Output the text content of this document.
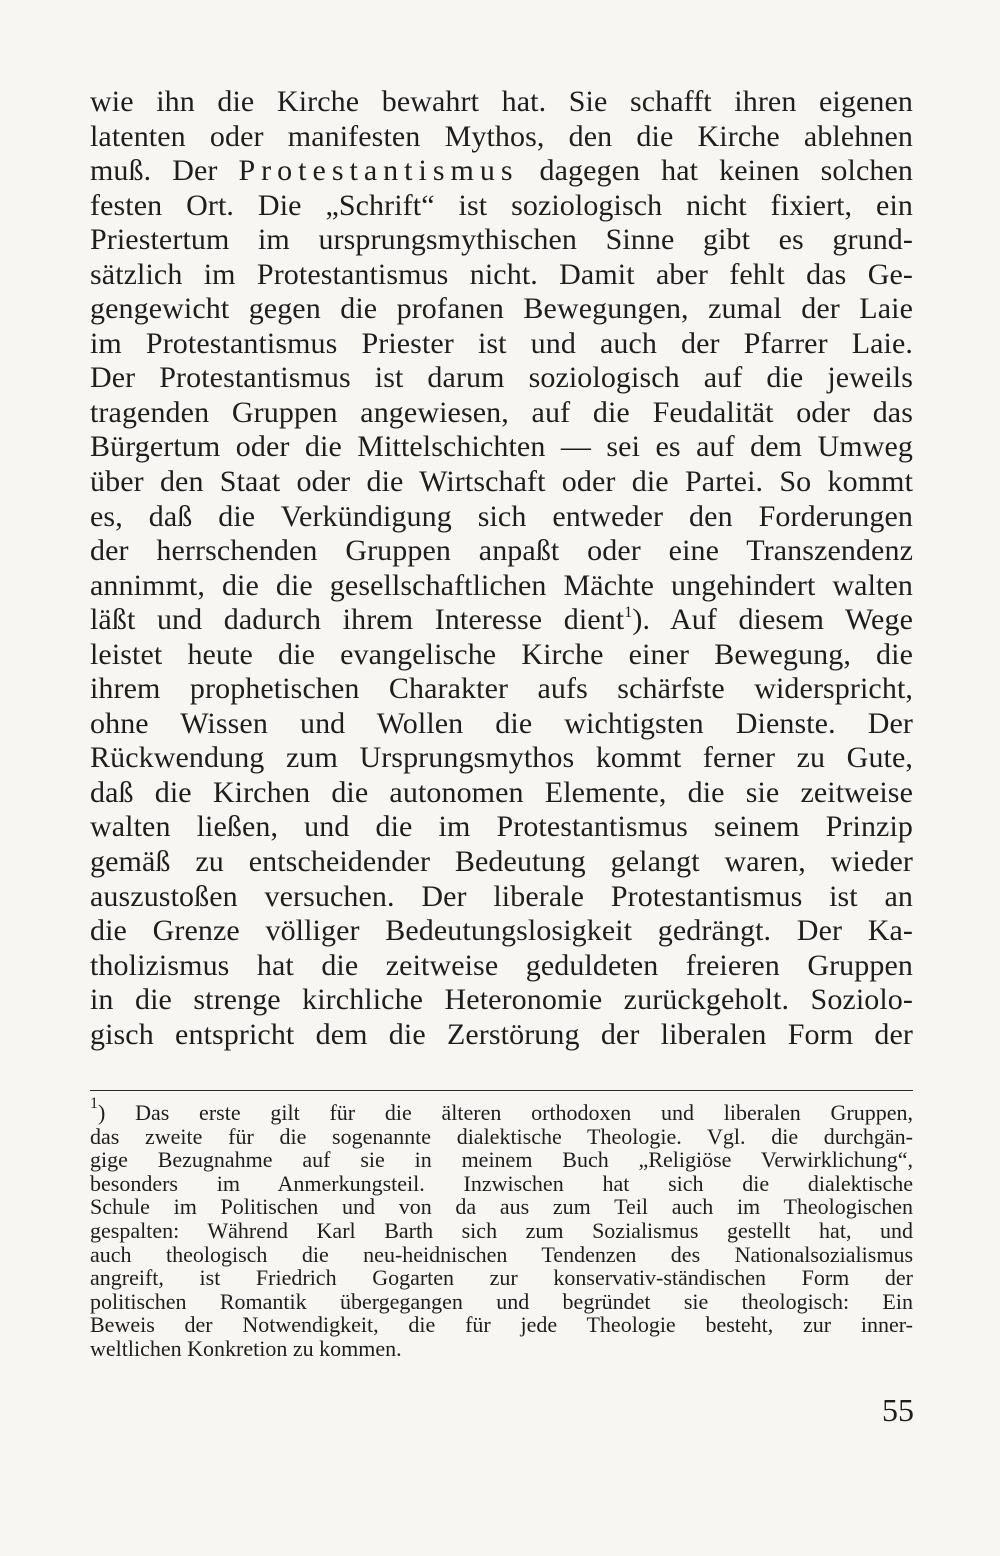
wie ihn die Kirche bewahrt hat. Sie schafft ihren eigenen
latenten oder manifesten Mythos, den die Kirche ablehnen
muß. Der Protestantismus dagegen hat keinen solchen
festen Ort. Die „Schrift“ ist soziologisch nicht fixiert, ein
Priestertum im ursprungsmythischen Sinne gibt es grund-
sätzlich im Protestantismus nicht. Damit aber fehlt das Ge-
gengewicht gegen die profanen Bewegungen, zumal der Laie
im Protestantismus Priester ist und auch der Pfarrer Laie.
Der Protestantismus ist darum soziologisch auf die jeweils
tragenden Gruppen angewiesen, auf die Feudalität oder das
Bürgertum oder die Mittelschichten — sei es auf dem Umweg
über den Staat oder die Wirtschaft oder die Partei. So kommt
es, daß die Verkündigung sich entweder den Forderungen
der herrschenden Gruppen anpaßt oder eine Transzendenz
annimmt, die die gesellschaftlichen Mächte ungehindert walten
läßt und dadurch ihrem Interesse dient$^1$). Auf diesem Wege
leistet heute die evangelische Kirche einer Bewegung, die
ihrem prophetischen Charakter aufs schärfste widerspricht,
ohne Wissen und Wollen die wichtigsten Dienste. Der
Rückwendung zum Ursprungsmythos kommt ferner zu Gute,
daß die Kirchen die autonomen Elemente, die sie zeitweise
walten ließen, und die im Protestantismus seinem Prinzip
gemäß zu entscheidender Bedeutung gelangt waren, wieder
auszustoßen versuchen. Der liberale Protestantismus ist an
die Grenze völliger Bedeutungslosigkeit gedrängt. Der Ka-
tholizismus hat die zeitweise geduldeten freieren Gruppen
in die strenge kirchliche Heteronomie zurückgeholt. Soziolo-
gisch entspricht dem die Zerstörung der liberalen Form der
$^1$) Das erste gilt für die älteren orthodoxen und liberalen Gruppen,
das zweite für die sogenannte dialektische Theologie. Vgl. die durchgän-
gige Bezugnahme auf sie in meinem Buch „Religiöse Verwirklichung“,
besonders im Anmerkungsteil. Inzwischen hat sich die dialektische
Schule im Politischen und von da aus zum Teil auch im Theologischen
gespalten: Während Karl Barth sich zum Sozialismus gestellt hat, und
auch theologisch die neu-heidnischen Tendenzen des Nationalsozialismus
angreift, ist Friedrich Gogarten zur konservativ-ständischen Form der
politischen Romantik übergegangen und begründet sie theologisch: Ein
Beweis der Notwendigkeit, die für jede Theologie besteht, zur inner-
weltlichen Konkretion zu kommen.
55
